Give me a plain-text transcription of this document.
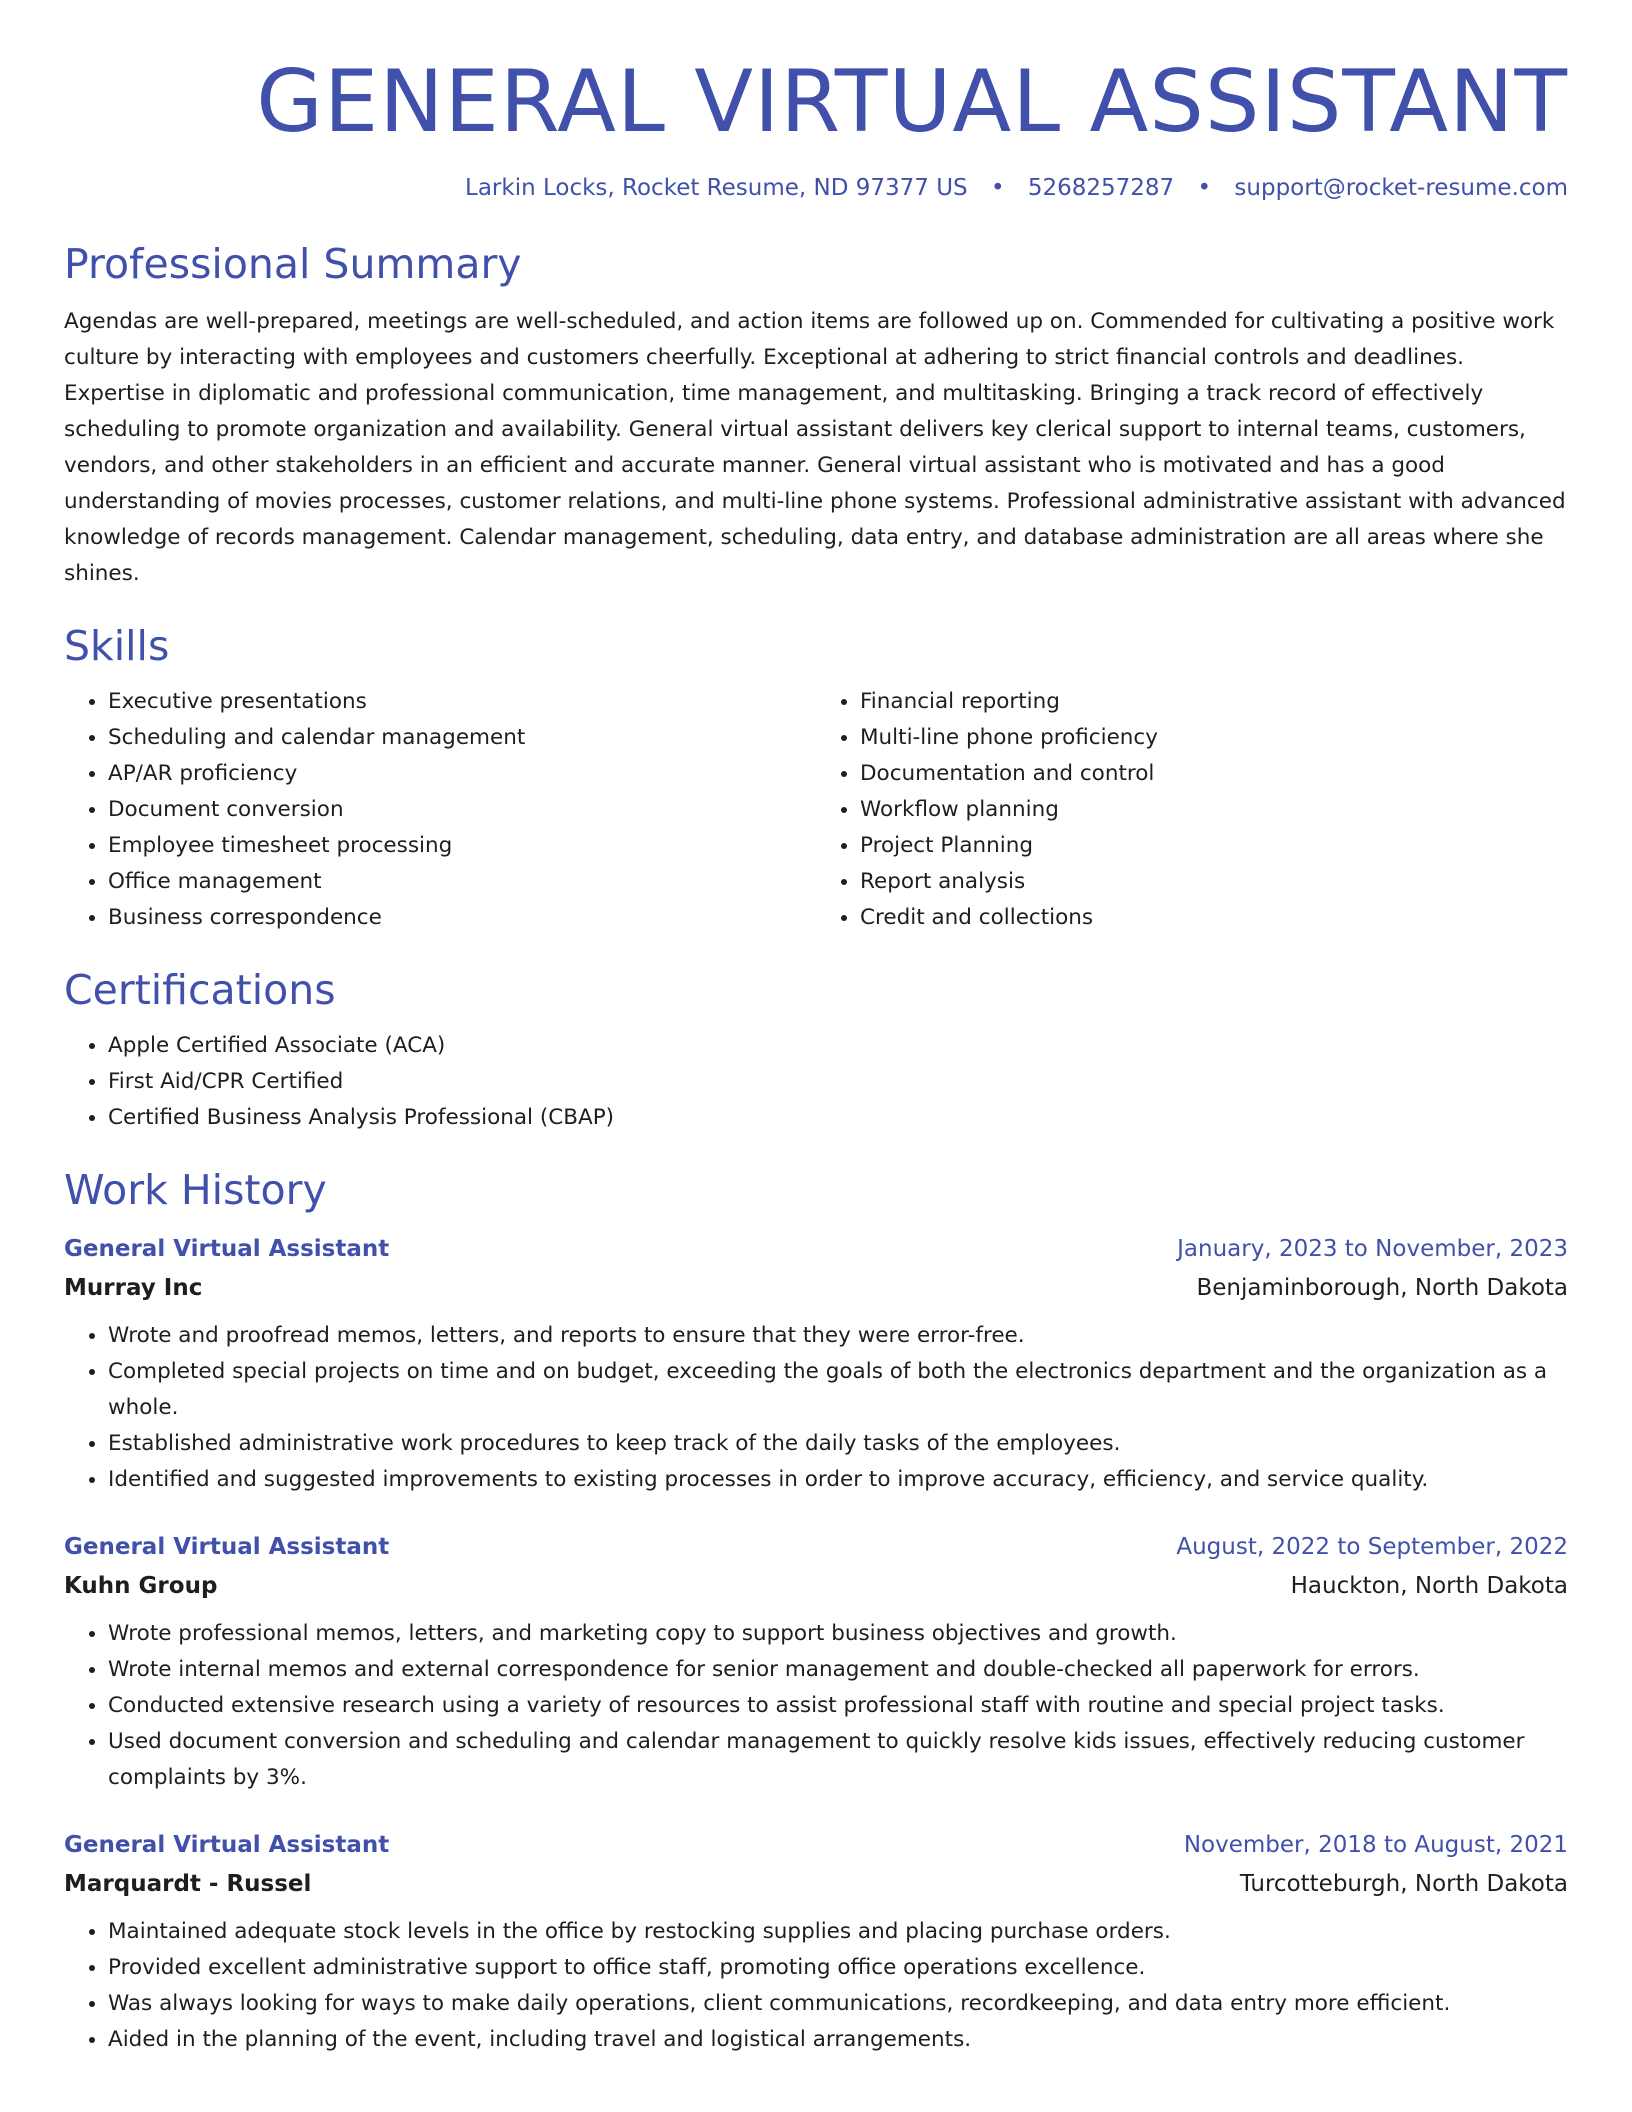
GENERAL VIRTUAL ASSISTANT
Larkin Locks, Rocket Resume, ND 97377 US • 5268257287 • support@rocket-resume.com
Professional Summary

Agendas are well-prepared, meetings are well-scheduled, and action items are followed up on. Commended for cultivating a positive work culture by interacting with employees and customers cheerfully. Exceptional at adhering to strict financial controls and deadlines. Expertise in diplomatic and professional communication, time management, and multitasking. Bringing a track record of effectively scheduling to promote organization and availability. General virtual assistant delivers key clerical support to internal teams, customers, vendors, and other stakeholders in an efficient and accurate manner. General virtual assistant who is motivated and has a good understanding of movies processes, customer relations, and multi-line phone systems. Professional administrative assistant with advanced knowledge of records management. Calendar management, scheduling, data entry, and database administration are all areas where she shines.

Skills
• Executive presentations
• Scheduling and calendar management
• AP/AR proficiency
• Document conversion
• Employee timesheet processing
• Office management
• Business correspondence
• Financial reporting
• Multi-line phone proficiency
• Documentation and control
• Workflow planning
• Project Planning
• Report analysis
• Credit and collections
Certifications
• Apple Certified Associate (ACA)
• First Aid/CPR Certified
• Certified Business Analysis Professional (CBAP)
Work History
General Virtual Assistant	January, 2023 to November, 2023
Murray Inc	Benjaminborough, North Dakota
• Wrote and proofread memos, letters, and reports to ensure that they were error-free.
• Completed special projects on time and on budget, exceeding the goals of both the electronics department and the organization as a whole.
• Established administrative work procedures to keep track of the daily tasks of the employees.
• Identified and suggested improvements to existing processes in order to improve accuracy, efficiency, and service quality.
General Virtual Assistant	August, 2022 to September, 2022
Kuhn Group	Hauckton, North Dakota
• Wrote professional memos, letters, and marketing copy to support business objectives and growth.
• Wrote internal memos and external correspondence for senior management and double-checked all paperwork for errors.
• Conducted extensive research using a variety of resources to assist professional staff with routine and special project tasks.
• Used document conversion and scheduling and calendar management to quickly resolve kids issues, effectively reducing customer complaints by 3%.
General Virtual Assistant	November, 2018 to August, 2021
Marquardt - Russel	Turcotteburgh, North Dakota
• Maintained adequate stock levels in the office by restocking supplies and placing purchase orders.
• Provided excellent administrative support to office staff, promoting office operations excellence.
• Was always looking for ways to make daily operations, client communications, recordkeeping, and data entry more efficient.
• Aided in the planning of the event, including travel and logistical arrangements.
